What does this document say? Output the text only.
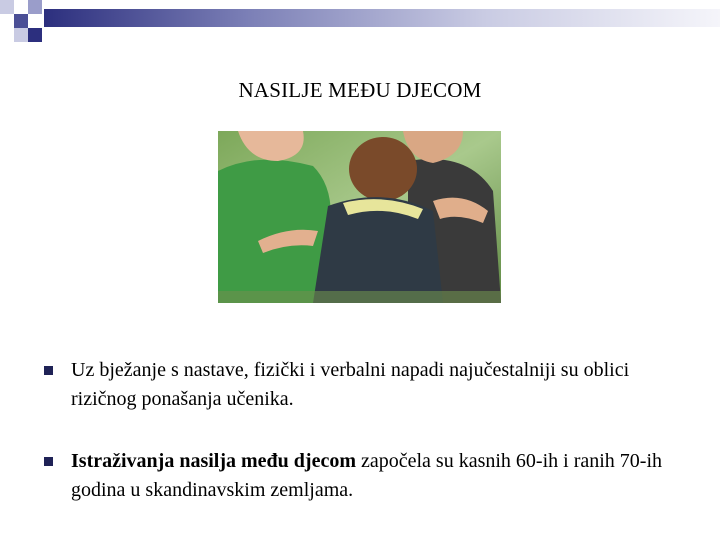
NASILJE MEĐU DJECOM
Uz bježanje s nastave, fizički i verbalni napadi najučestalniji su oblici rizičnog ponašanja učenika.
Istraživanja nasilja među djecom započela su kasnih 60-ih i ranih 70-ih godina u skandinavskim zemljama.
